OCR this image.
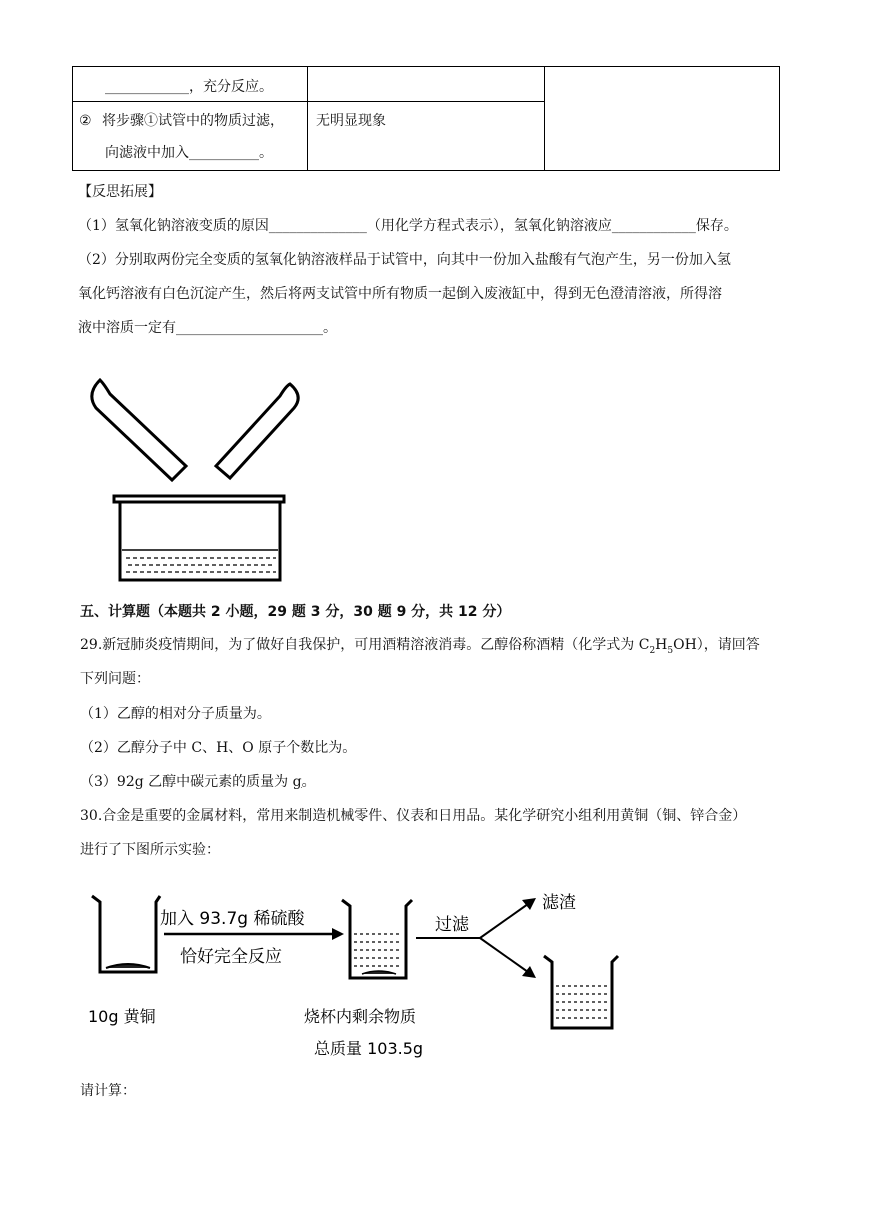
____________，充分反应。		

② 将步骤①试管中的物质过滤，
向滤液中加入__________。	无明显现象	
【反思拓展】
（1）氢氧化钠溶液变质的原因______________（用化学方程式表示），氢氧化钠溶液应____________保存。
（2）分别取两份完全变质的氢氧化钠溶液样品于试管中，向其中一份加入盐酸有气泡产生，另一份加入氢
氧化钙溶液有白色沉淀产生，然后将两支试管中所有物质一起倒入废液缸中，得到无色澄清溶液，所得溶
液中溶质一定有_____________________。
五、计算题（本题共 2 小题，29 题 3 分，30 题 9 分，共 12 分）
29.新冠肺炎疫情期间，为了做好自我保护，可用酒精溶液消毒。乙醇俗称酒精（化学式为 $C_2H_5OH$），请回答
下列问题：
（1）乙醇的相对分子质量为。
（2）乙醇分子中 C、H、O 原子个数比为。
（3）92g 乙醇中碳元素的质量为 g。
30.合金是重要的金属材料，常用来制造机械零件、仪表和日用品。某化学研究小组利用黄铜（铜、锌合金）
进行了下图所示实验：
加入 93.7g 稀硫酸
恰好完全反应
10g 黄铜
过滤
滤渣
烧杯内剩余物质
总质量 103.5g
请计算：
